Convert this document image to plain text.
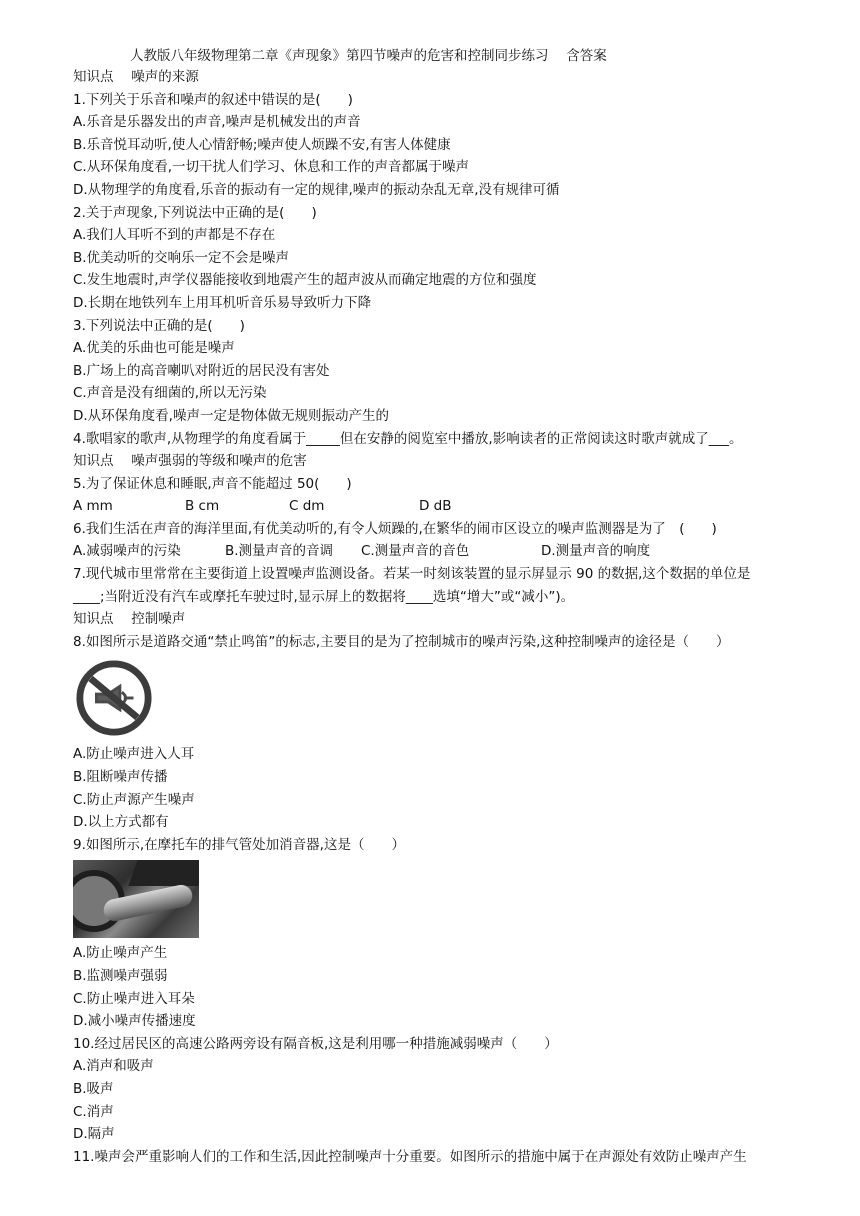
人教版八年级物理第二章《声现象》第四节噪声的危害和控制同步练习　 含答案
知识点　 噪声的来源
1.下列关于乐音和噪声的叙述中错误的是(　　)
A.乐音是乐器发出的声音,噪声是机械发出的声音
B.乐音悦耳动听,使人心情舒畅;噪声使人烦躁不安,有害人体健康
C.从环保角度看,一切干扰人们学习、休息和工作的声音都属于噪声
D.从物理学的角度看,乐音的振动有一定的规律,噪声的振动杂乱无章,没有规律可循
2.关于声现象,下列说法中正确的是(　　)
A.我们人耳听不到的声都是不存在
B.优美动听的交响乐一定不会是噪声
C.发生地震时,声学仪器能接收到地震产生的超声波从而确定地震的方位和强度
D.长期在地铁列车上用耳机听音乐易导致听力下降
3.下列说法中正确的是(　　)
A.优美的乐曲也可能是噪声
B.广场上的高音喇叭对附近的居民没有害处
C.声音是没有细菌的,所以无污染
D.从环保角度看,噪声一定是物体做无规则振动产生的
4.歌唱家的歌声,从物理学的角度看属于_____但在安静的阅览室中播放,影响读者的正常阅读这时歌声就成了___。
知识点　 噪声强弱的等级和噪声的危害
5.为了保证休息和睡眠,声音不能超过 50(　　)
A mm	B cm	C dm	D dB
6.我们生活在声音的海洋里面,有优美动听的,有令人烦躁的,在繁华的闹市区设立的噪声监测器是为了　(　　)
A.减弱噪声的污染	B.测量声音的音调	C.测量声音的音色	D.测量声音的响度
7.现代城市里常常在主要街道上设置噪声监测设备。若某一时刻该装置的显示屏显示 90 的数据,这个数据的单位是
____;当附近没有汽车或摩托车驶过时,显示屏上的数据将____选填“增大”或“减小”)。
知识点　 控制噪声
8.如图所示是道路交通“禁止鸣笛”的标志,主要目的是为了控制城市的噪声污染,这种控制噪声的途径是（　　）
A.防止噪声进入人耳
B.阻断噪声传播
C.防止声源产生噪声
D.以上方式都有
9.如图所示,在摩托车的排气管处加消音器,这是（　　）
A.防止噪声产生
B.监测噪声强弱
C.防止噪声进入耳朵
D.减小噪声传播速度
10.经过居民区的高速公路两旁设有隔音板,这是利用哪一种措施减弱噪声（　　）
A.消声和吸声
B.吸声
C.消声
D.隔声
11.噪声会严重影响人们的工作和生活,因此控制噪声十分重要。如图所示的措施中属于在声源处有效防止噪声产生
